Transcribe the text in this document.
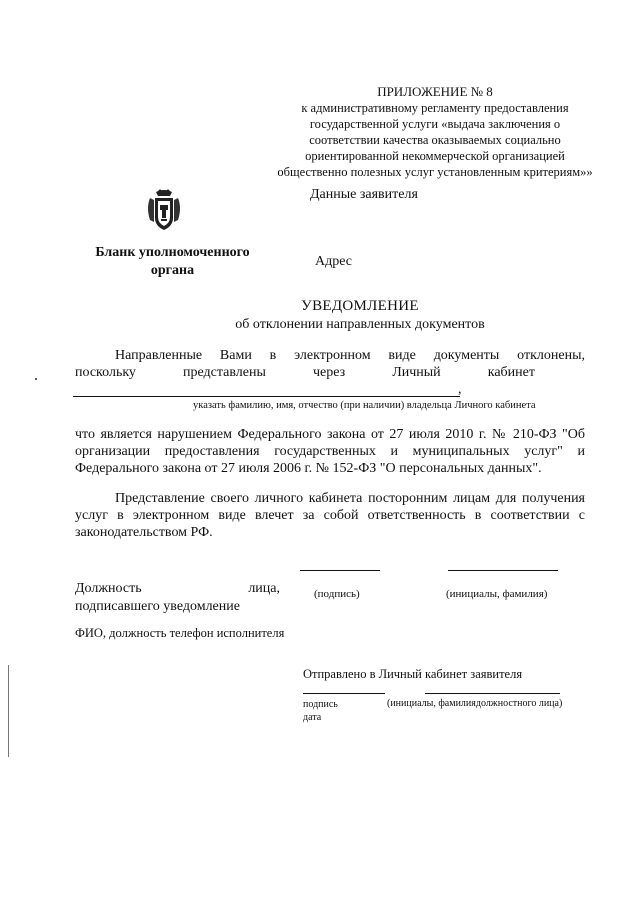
ПРИЛОЖЕНИЕ № 8
к административному регламенту предоставления
государственной услуги «выдача заключения о
соответствии качества оказываемых социально
ориентированной некоммерческой организацией
общественно полезных услуг установленным критериям»»
Данные заявителя
Адрес
Бланк уполномоченного
органа
УВЕДОМЛЕНИЕ
об отклонении направленных документов
Направленные Вами в электронном виде документы отклонены,
поскольку представлены через Личный кабинет
,
указать фамилию, имя, отчество (при наличии) владельца Личного кабинета
что является нарушением Федерального закона от 27 июля 2010 г. № 210-ФЗ "Об организации предоставления государственных и муниципальных услуг" и Федерального закона от 27 июля 2006 г. № 152-ФЗ "О персональных данных".
Представление своего личного кабинета посторонним лицам для получения услуг в электронном виде влечет за собой ответственность в соответствии с законодательством РФ.
Должность	лица,
подписавшего уведомление
(подпись)	(инициалы, фамилия)
ФИО, должность телефон исполнителя
Отправлено в Личный кабинет заявителя
подпись
дата
(инициалы, фамилиядолжностного лица)
